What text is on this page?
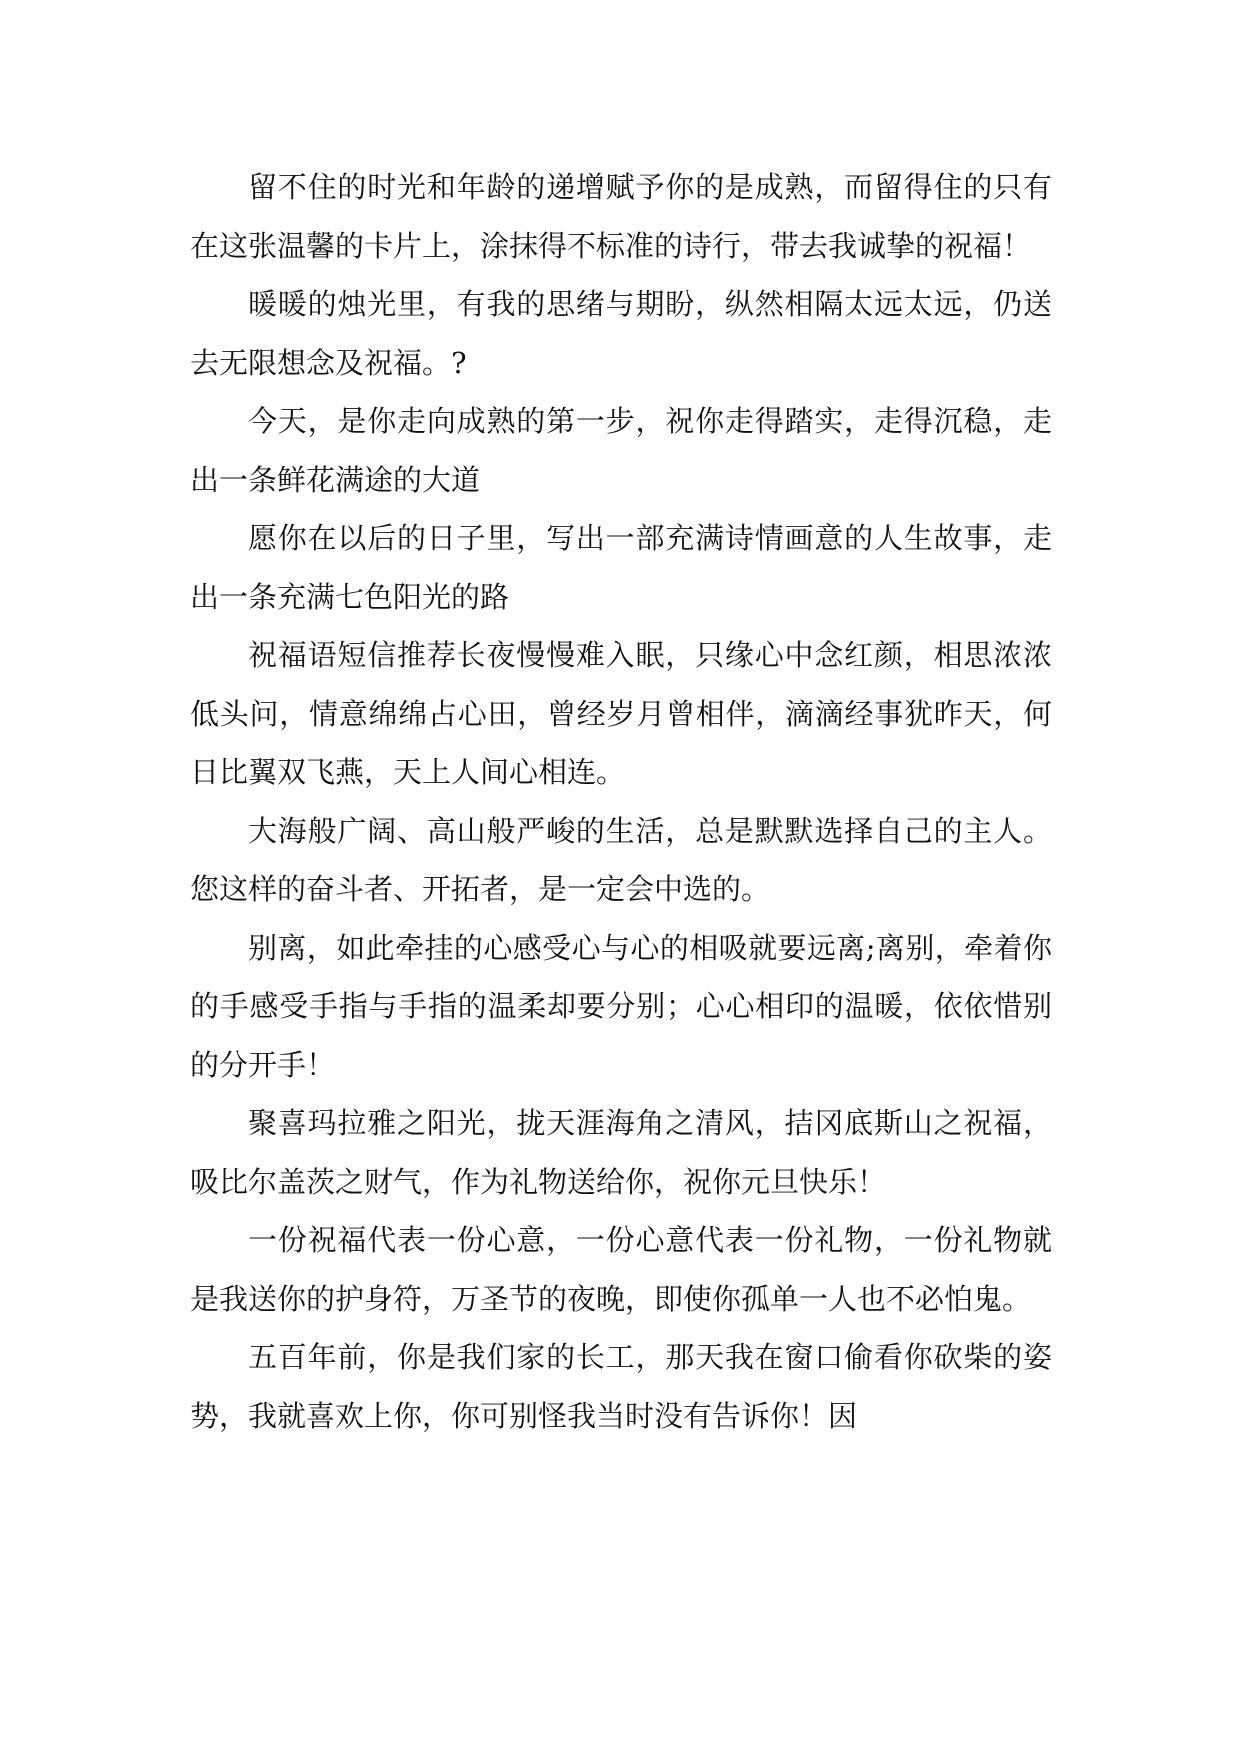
留不住的时光和年龄的递增赋予你的是成熟，而留得住的只有在这张温馨的卡片上，涂抹得不标准的诗行，带去我诚挚的祝福！

暖暖的烛光里，有我的思绪与期盼，纵然相隔太远太远，仍送去无限想念及祝福。?

今天，是你走向成熟的第一步，祝你走得踏实，走得沉稳，走出一条鲜花满途的大道

愿你在以后的日子里，写出一部充满诗情画意的人生故事，走出一条充满七色阳光的路

祝福语短信推荐长夜慢慢难入眠，只缘心中念红颜，相思浓浓低头问，情意绵绵占心田，曾经岁月曾相伴，滴滴经事犹昨天，何日比翼双飞燕，天上人间心相连。

大海般广阔、高山般严峻的生活，总是默默选择自己的主人。您这样的奋斗者、开拓者，是一定会中选的。

别离，如此牵挂的心感受心与心的相吸就要远离;离别，牵着你的手感受手指与手指的温柔却要分别；心心相印的温暖，依依惜别的分开手！

聚喜玛拉雅之阳光，拢天涯海角之清风，拮冈底斯山之祝福，吸比尔盖茨之财气，作为礼物送给你，祝你元旦快乐！

一份祝福代表一份心意，一份心意代表一份礼物，一份礼物就是我送你的护身符，万圣节的夜晚，即使你孤单一人也不必怕鬼。

五百年前，你是我们家的长工，那天我在窗口偷看你砍柴的姿势，我就喜欢上你，你可别怪我当时没有告诉你！因
